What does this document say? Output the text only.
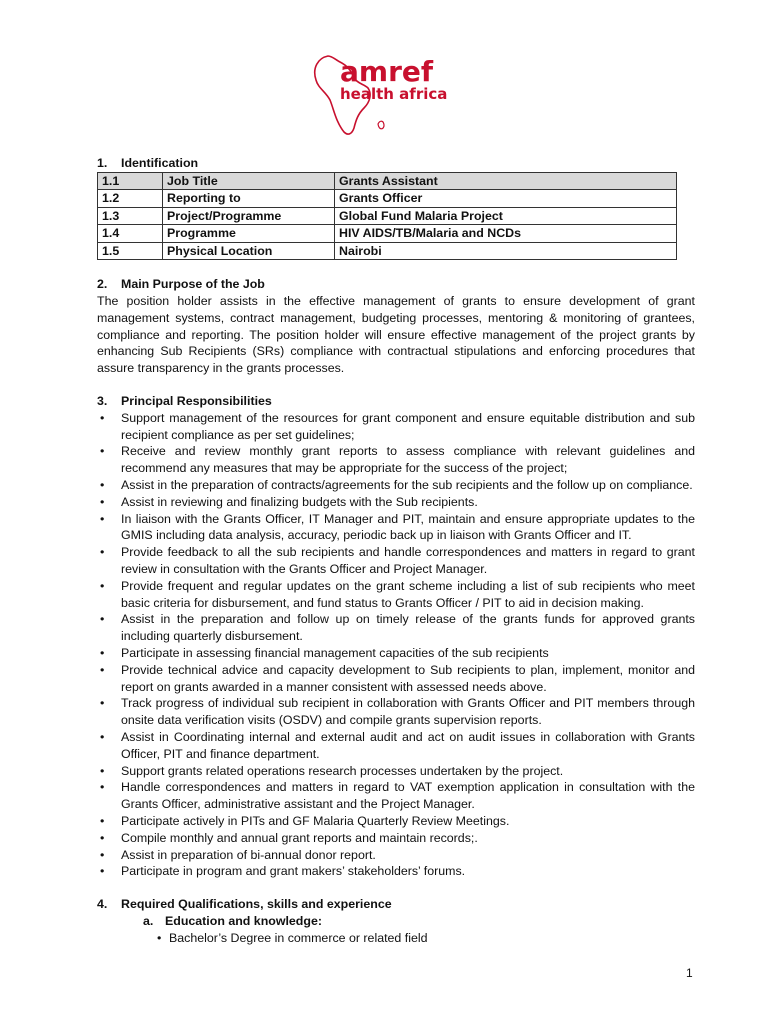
amref
health africa
1.	Identification
1.1	Job Title	Grants Assistant
1.2	Reporting to	Grants Officer
1.3	Project/Programme	Global Fund Malaria Project
1.4	Programme	HIV AIDS/TB/Malaria and NCDs
1.5	Physical Location	Nairobi
2.	Main Purpose of the Job

The position holder assists in the effective management of grants to ensure development of grant management systems, contract management, budgeting processes, mentoring & monitoring of grantees, compliance and reporting. The position holder will ensure effective management of the project grants by enhancing Sub Recipients (SRs) compliance with contractual stipulations and enforcing procedures that assure transparency in the grants processes.

3.	Principal Responsibilities
• Support management of the resources for grant component and ensure equitable distribution and sub recipient compliance as per set guidelines;
• Receive and review monthly grant reports to assess compliance with relevant guidelines and recommend any measures that may be appropriate for the success of the project;
• Assist in the preparation of contracts/agreements for the sub recipients and the follow up on compliance.
• Assist in reviewing and finalizing budgets with the Sub recipients.
• In liaison with the Grants Officer, IT Manager and PIT, maintain and ensure appropriate updates to the GMIS including data analysis, accuracy, periodic back up in liaison with Grants Officer and IT.
• Provide feedback to all the sub recipients and handle correspondences and matters in regard to grant review in consultation with the Grants Officer and Project Manager.
• Provide frequent and regular updates on the grant scheme including a list of sub recipients who meet basic criteria for disbursement, and fund status to Grants Officer / PIT to aid in decision making.
• Assist in the preparation and follow up on timely release of the grants funds for approved grants including quarterly disbursement.
• Participate in assessing financial management capacities of the sub recipients
• Provide technical advice and capacity development to Sub recipients to plan, implement, monitor and report on grants awarded in a manner consistent with assessed needs above.
• Track progress of individual sub recipient in collaboration with Grants Officer and PIT members through onsite data verification visits (OSDV) and compile grants supervision reports.
• Assist in Coordinating internal and external audit and act on audit issues in collaboration with Grants Officer, PIT and finance department.
• Support grants related operations research processes undertaken by the project.
• Handle correspondences and matters in regard to VAT exemption application in consultation with the Grants Officer, administrative assistant and the Project Manager.
• Participate actively in PITs and GF Malaria Quarterly Review Meetings.
• Compile monthly and annual grant reports and maintain records;.
• Assist in preparation of bi-annual donor report.
• Participate in program and grant makers’ stakeholders’ forums.
4.	Required Qualifications, skills and experience
a. Education and knowledge:
• Bachelor’s Degree in commerce or related field
1
